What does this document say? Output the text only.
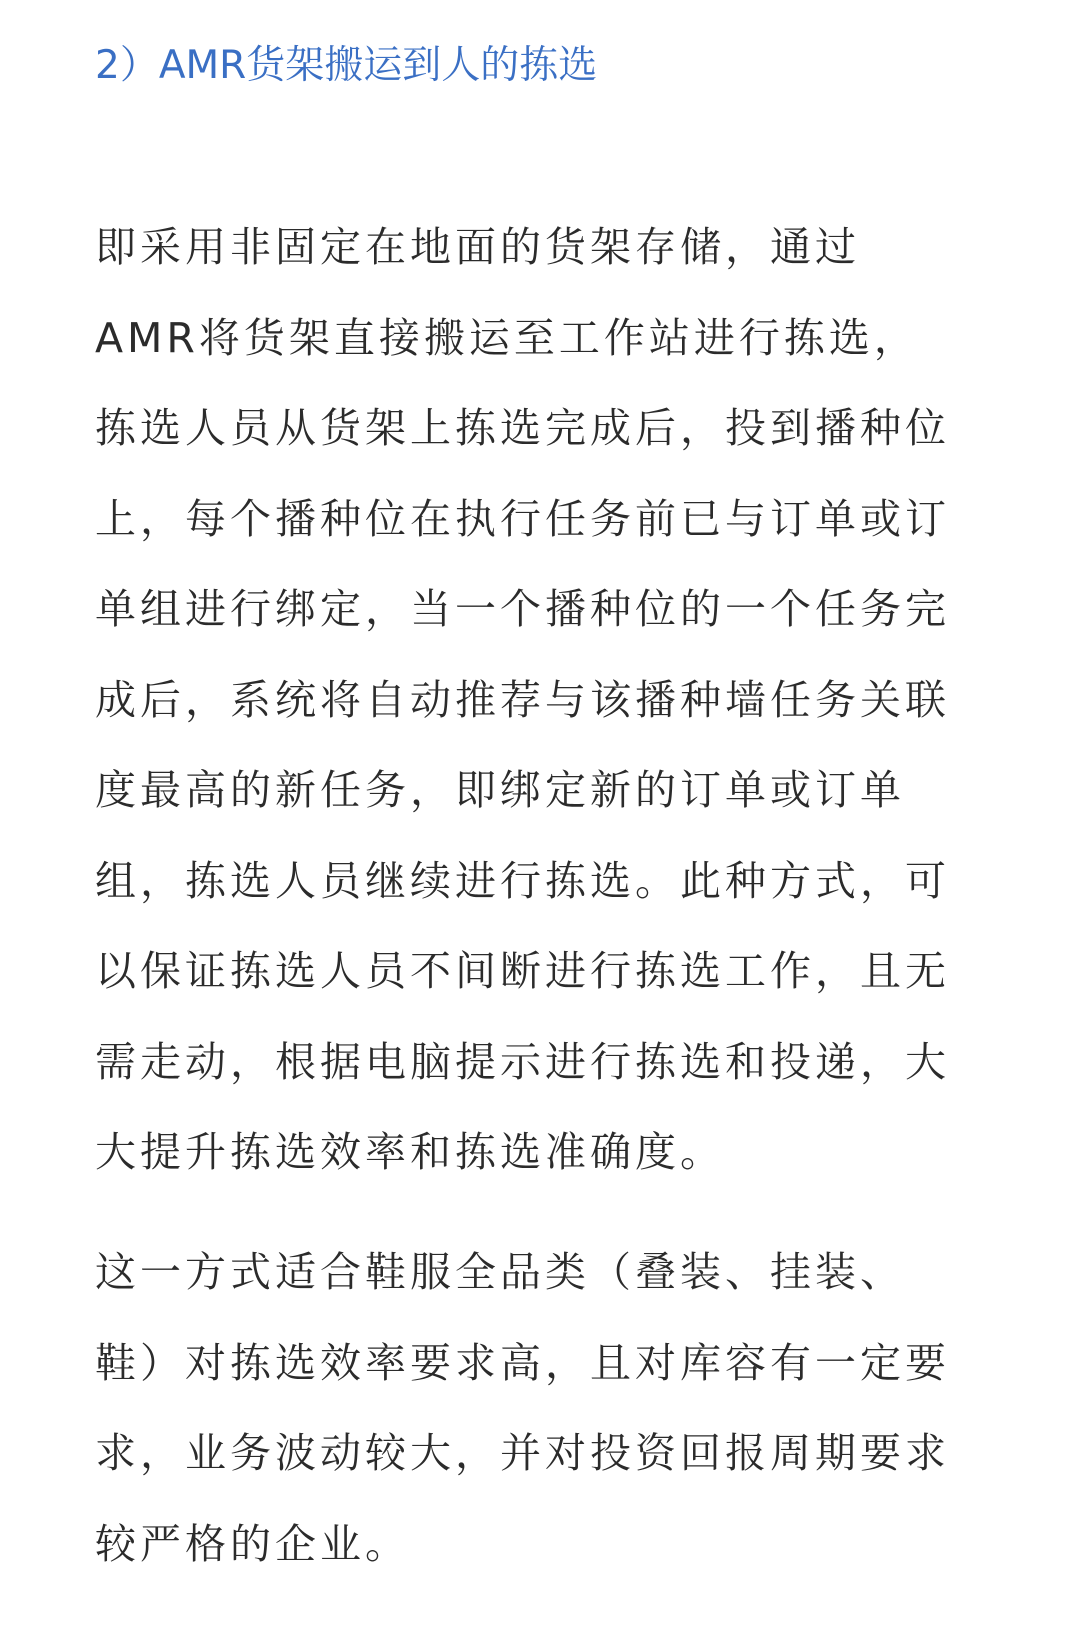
2）AMR货架搬运到人的拣选

即采用非固定在地面的货架存储，通过
AMR将货架直接搬运至工作站进行拣选，
拣选人员从货架上拣选完成后，投到播种位
上，每个播种位在执行任务前已与订单或订
单组进行绑定，当一个播种位的一个任务完
成后，系统将自动推荐与该播种墙任务关联
度最高的新任务，即绑定新的订单或订单
组，拣选人员继续进行拣选。此种方式，可
以保证拣选人员不间断进行拣选工作，且无
需走动，根据电脑提示进行拣选和投递，大
大提升拣选效率和拣选准确度。

这一方式适合鞋服全品类（叠装、挂装、
鞋）对拣选效率要求高，且对库容有一定要
求，业务波动较大，并对投资回报周期要求
较严格的企业。
